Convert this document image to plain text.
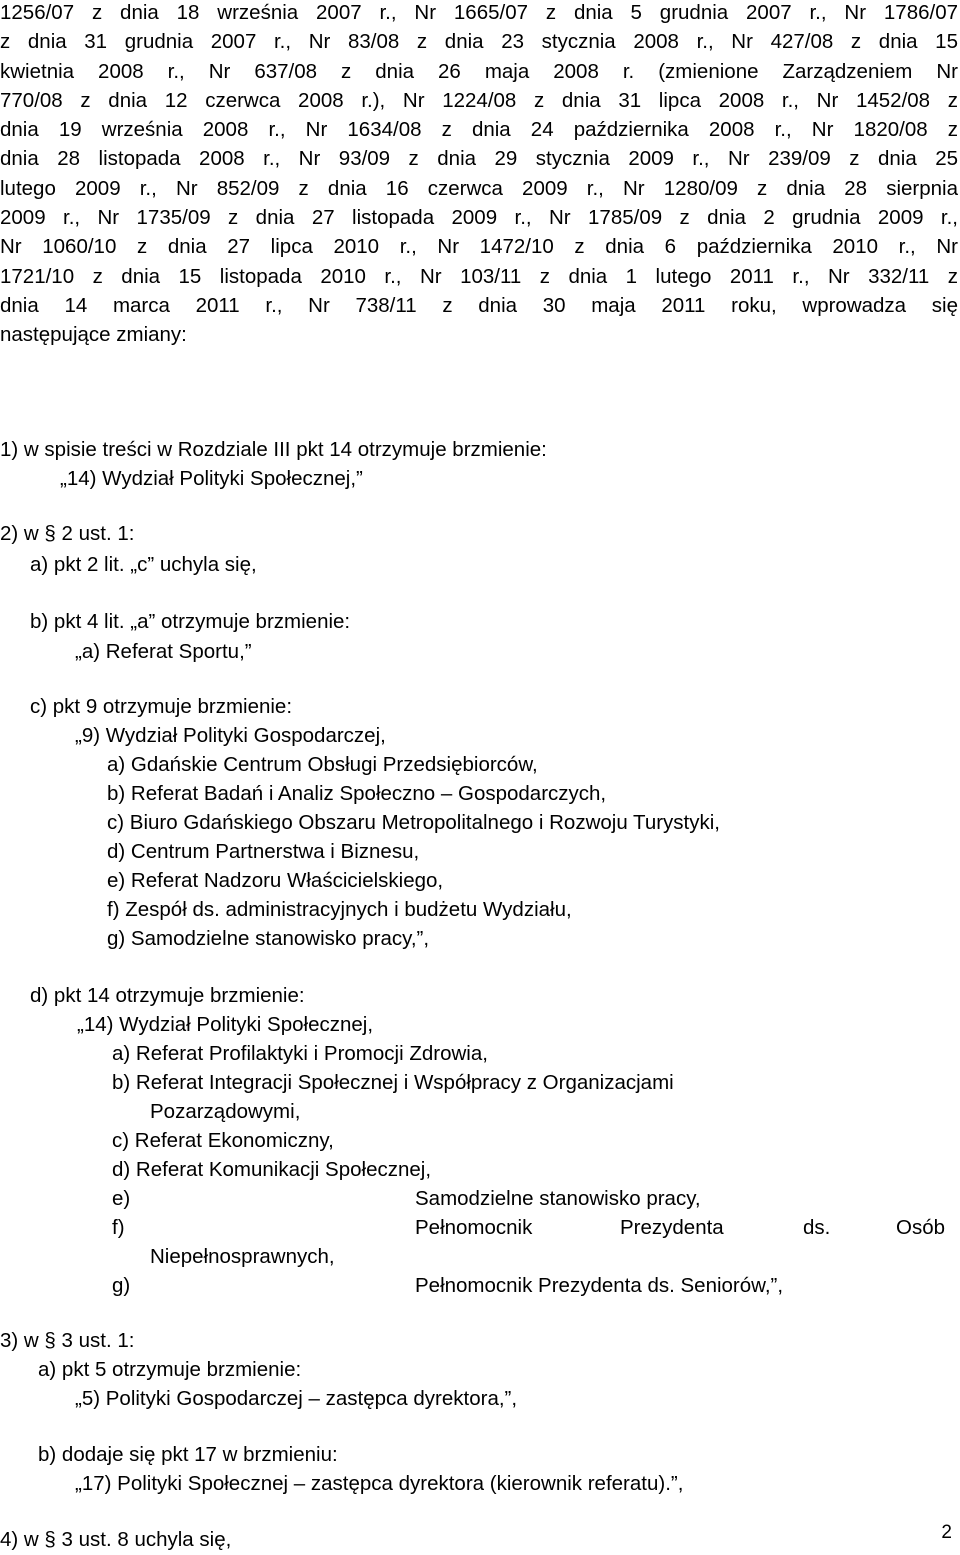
1256/07 z dnia 18 września 2007 r., Nr 1665/07 z dnia 5 grudnia 2007 r., Nr 1786/07
z dnia 31 grudnia 2007 r., Nr 83/08 z dnia 23 stycznia 2008 r., Nr 427/08 z dnia 15
kwietnia 2008 r., Nr 637/08 z dnia 26 maja 2008 r. (zmienione Zarządzeniem Nr
770/08 z dnia 12 czerwca 2008 r.), Nr 1224/08 z dnia 31 lipca 2008 r., Nr 1452/08 z
dnia 19 września 2008 r., Nr 1634/08 z dnia 24 października 2008 r., Nr 1820/08 z
dnia 28 listopada 2008 r., Nr 93/09 z dnia 29 stycznia 2009 r., Nr 239/09 z dnia 25
lutego 2009 r., Nr 852/09 z dnia 16 czerwca 2009 r., Nr 1280/09 z dnia 28 sierpnia
2009 r., Nr 1735/09 z dnia 27 listopada 2009 r., Nr 1785/09 z dnia 2 grudnia 2009 r.,
Nr 1060/10 z dnia 27 lipca 2010 r., Nr 1472/10 z dnia 6 października 2010 r., Nr
1721/10 z dnia 15 listopada 2010 r., Nr 103/11 z dnia 1 lutego 2011 r., Nr 332/11 z
dnia 14 marca 2011 r., Nr 738/11 z dnia 30 maja 2011 roku, wprowadza się
następujące zmiany:
1) w spisie treści w Rozdziale III pkt 14 otrzymuje brzmienie:
„14) Wydział Polityki Społecznej,”
2) w § 2 ust. 1:
a) pkt 2 lit. „c” uchyla się,
b) pkt 4 lit. „a” otrzymuje brzmienie:
„a) Referat Sportu,”
c) pkt 9 otrzymuje brzmienie:
„9) Wydział Polityki Gospodarczej,
a) Gdańskie Centrum Obsługi Przedsiębiorców,
b) Referat Badań i Analiz Społeczno – Gospodarczych,
c) Biuro Gdańskiego Obszaru Metropolitalnego i Rozwoju Turystyki,
d) Centrum Partnerstwa i Biznesu,
e) Referat Nadzoru Właścicielskiego,
f) Zespół ds. administracyjnych i budżetu Wydziału,
g) Samodzielne stanowisko pracy,”,
d) pkt 14 otrzymuje brzmienie:
„14) Wydział Polityki Społecznej,
a) Referat Profilaktyki i Promocji Zdrowia,
b) Referat Integracji Społecznej i Współpracy z Organizacjami
Pozarządowymi,
c) Referat Ekonomiczny,
d) Referat Komunikacji Społecznej,
e)	Samodzielne stanowisko pracy,
f)	Pełnomocnik	Prezydenta	ds.	Osób
Niepełnosprawnych,
g)	Pełnomocnik Prezydenta ds. Seniorów,”,
3) w § 3 ust. 1:
a) pkt 5 otrzymuje brzmienie:
„5) Polityki Gospodarczej – zastępca dyrektora,”,
b) dodaje się pkt 17 w brzmieniu:
„17) Polityki Społecznej – zastępca dyrektora (kierownik referatu).”,
4) w § 3 ust. 8 uchyla się,	2
